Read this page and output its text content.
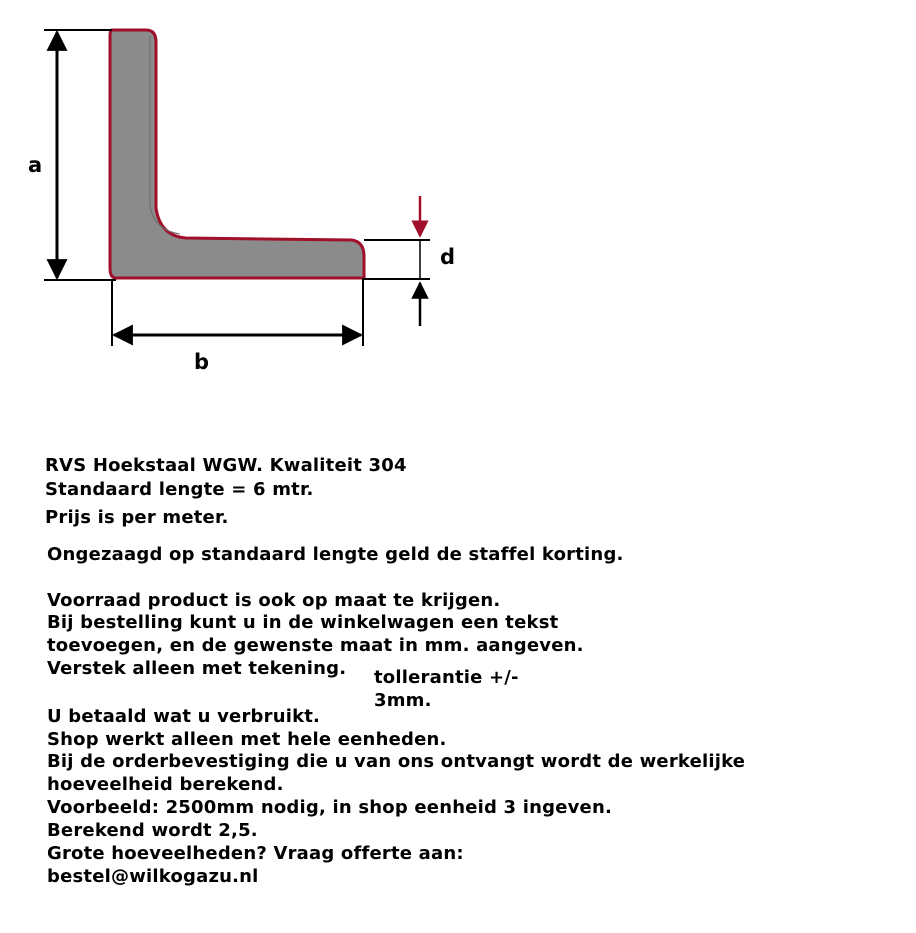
a
b
d

RVS Hoekstaal WGW. Kwaliteit 304

Standaard lengte = 6 mtr.

Prijs is per meter.

Ongezaagd op standaard lengte geld de staffel korting.

Voorraad product is ook op maat te krijgen.

Bij bestelling kunt u in de winkelwagen een tekst

toevoegen, en de gewenste maat in mm. aangeven.

Verstek alleen met tekening. tollerantie +/-

3mm.

U betaald wat u verbruikt.

Shop werkt alleen met hele eenheden.

Bij de orderbevestiging die u van ons ontvangt wordt de werkelijke

hoeveelheid berekend.

Voorbeeld: 2500mm nodig, in shop eenheid 3 ingeven.

Berekend wordt 2,5.

Grote hoeveelheden? Vraag offerte aan:

bestel@wilkogazu.nl
